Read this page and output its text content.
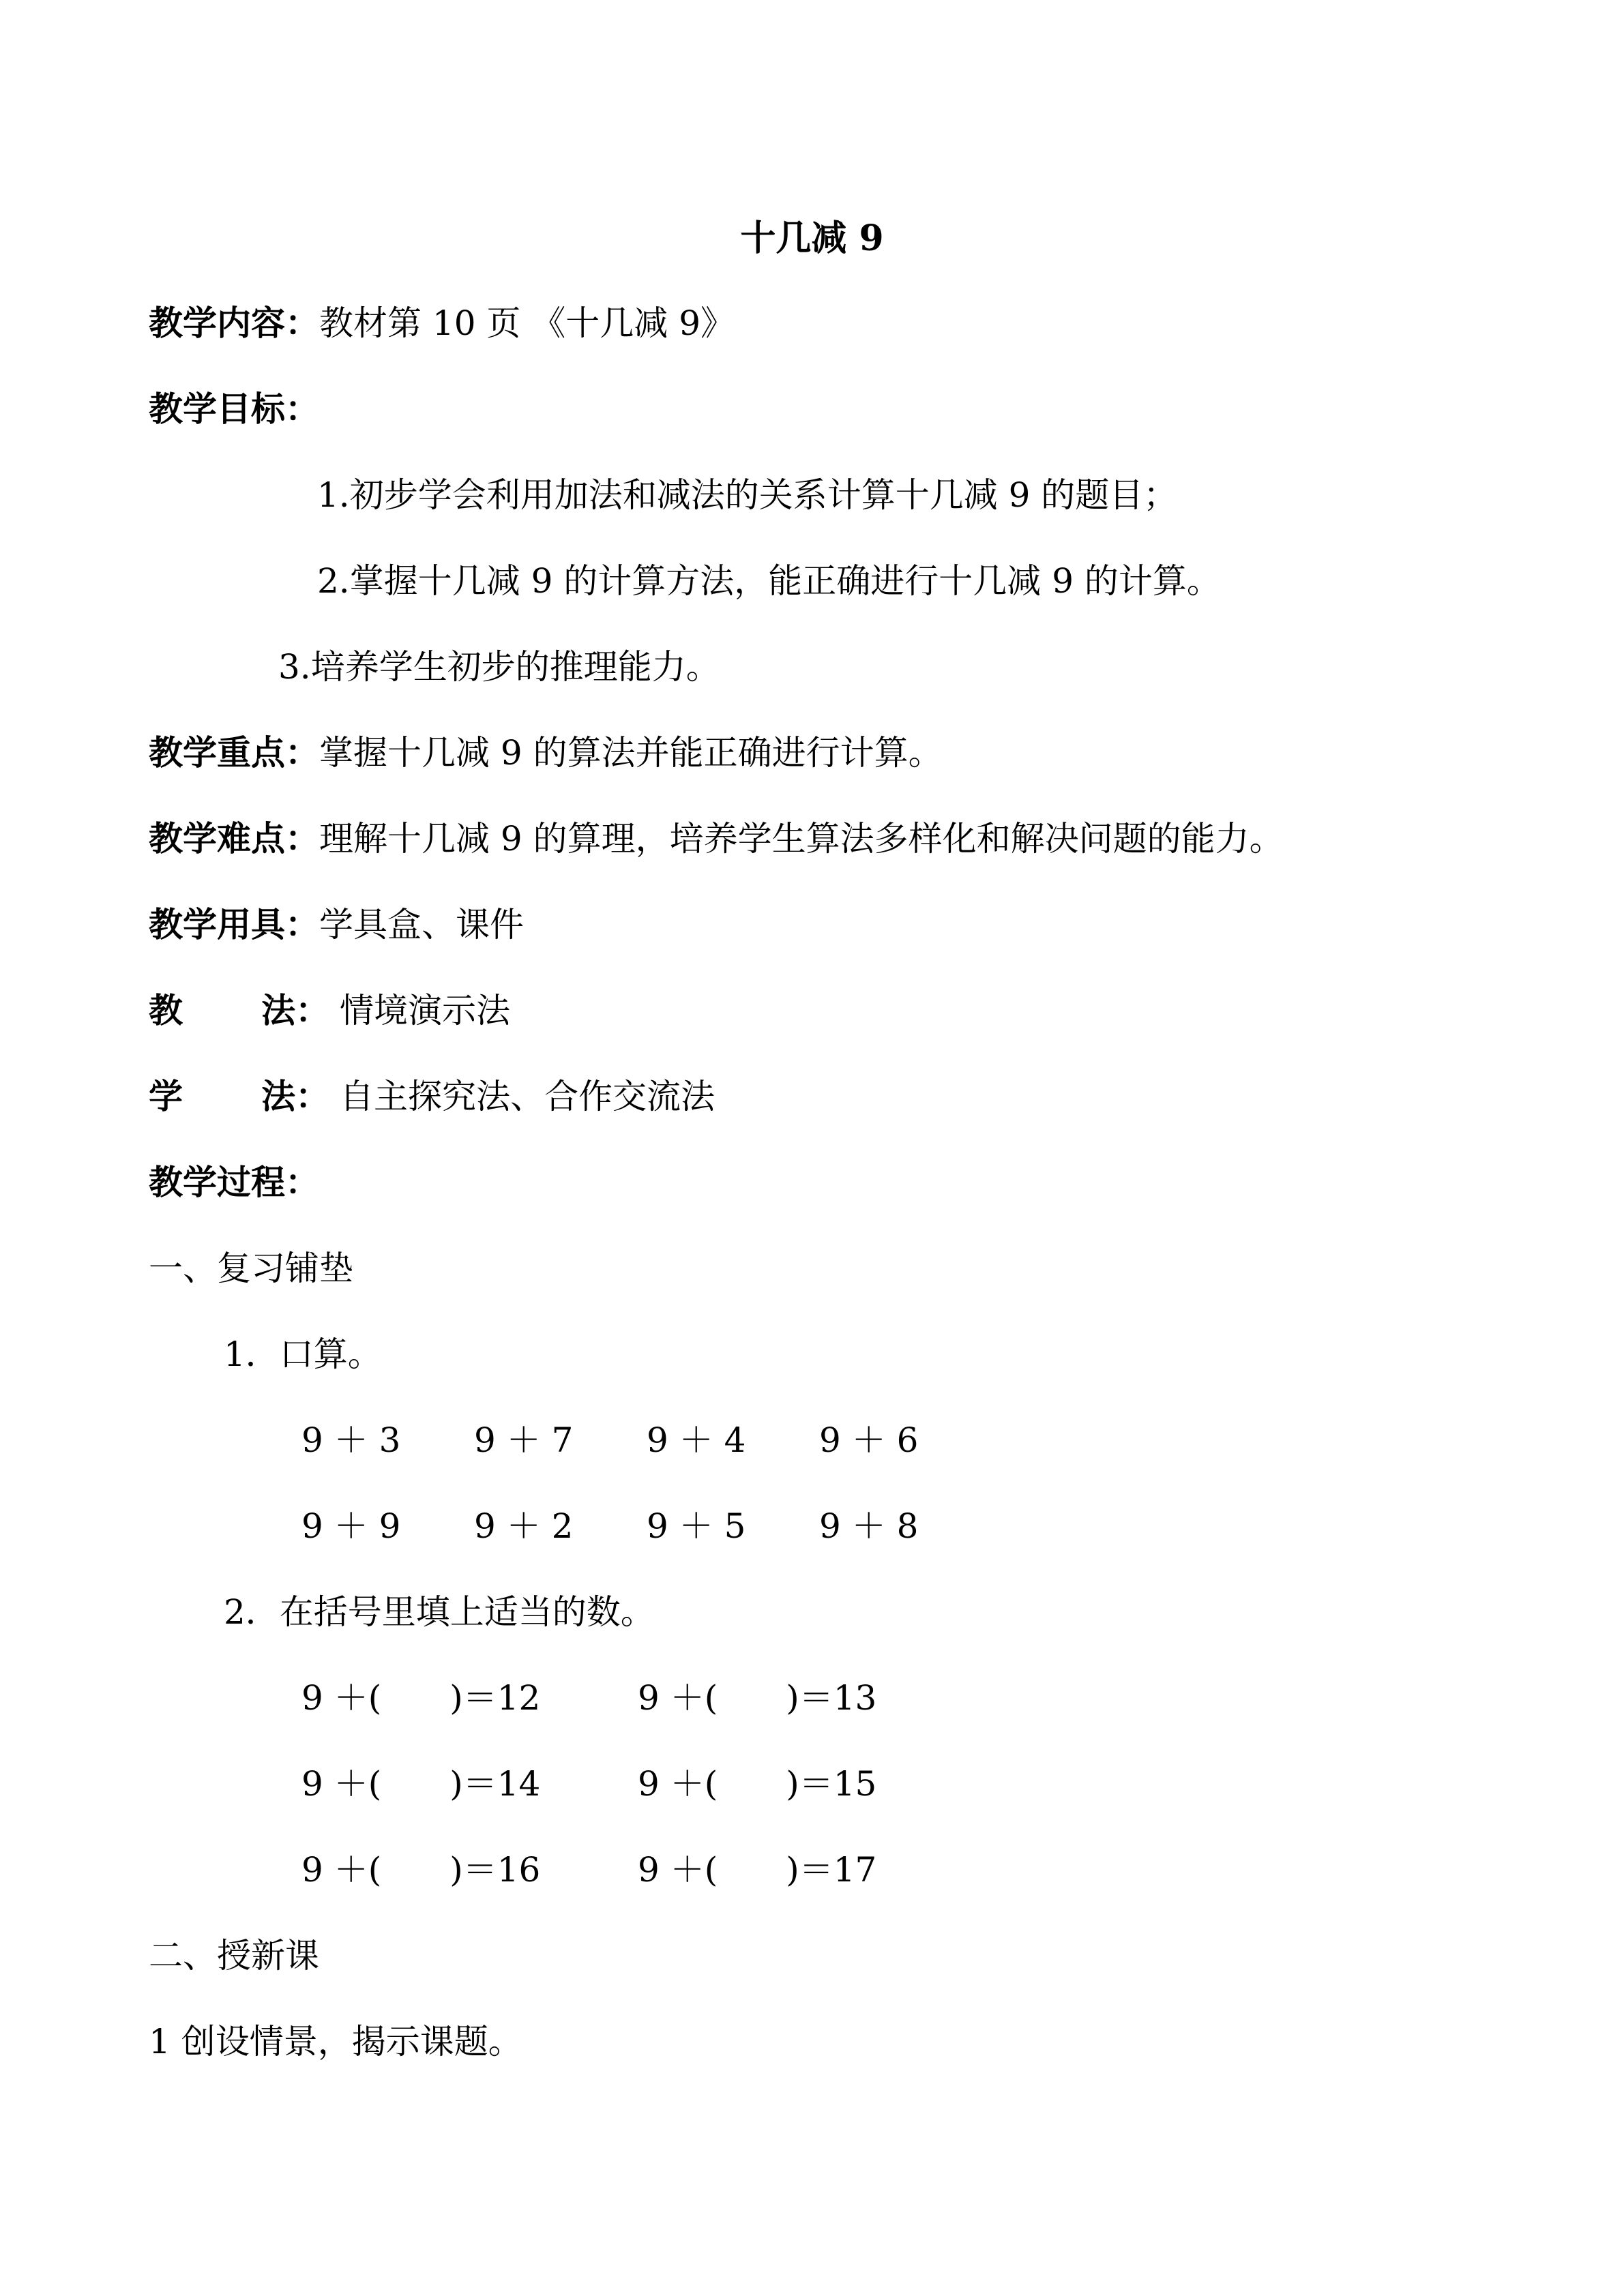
十几减 9
教学内容：教材第 10 页 《十几减 9》
教学目标：
1.初步学会利用加法和减法的关系计算十几减 9 的题目；
2.掌握十几减 9 的计算方法，能正确进行十几减 9 的计算。
3.培养学生初步的推理能力。
教学重点：掌握十几减 9 的算法并能正确进行计算。
教学难点：理解十几减 9 的算理，培养学生算法多样化和解决问题的能力。
教学用具：学具盒、课件
教 法： 情境演示法
学 法： 自主探究法、合作交流法
教学过程：
一、复习铺垫
1．口算。
9 ＋ 3 9 ＋ 7 9 ＋ 4 9 ＋ 6
9 ＋ 9 9 ＋ 2 9 ＋ 5 9 ＋ 8
2．在括号里填上适当的数。
9 ＋(　　)＝12	9 ＋(　　)＝13
9 ＋(　　)＝14	9 ＋(　　)＝15
9 ＋(　　)＝16	9 ＋(　　)＝17
二、授新课
1 创设情景，揭示课题。
